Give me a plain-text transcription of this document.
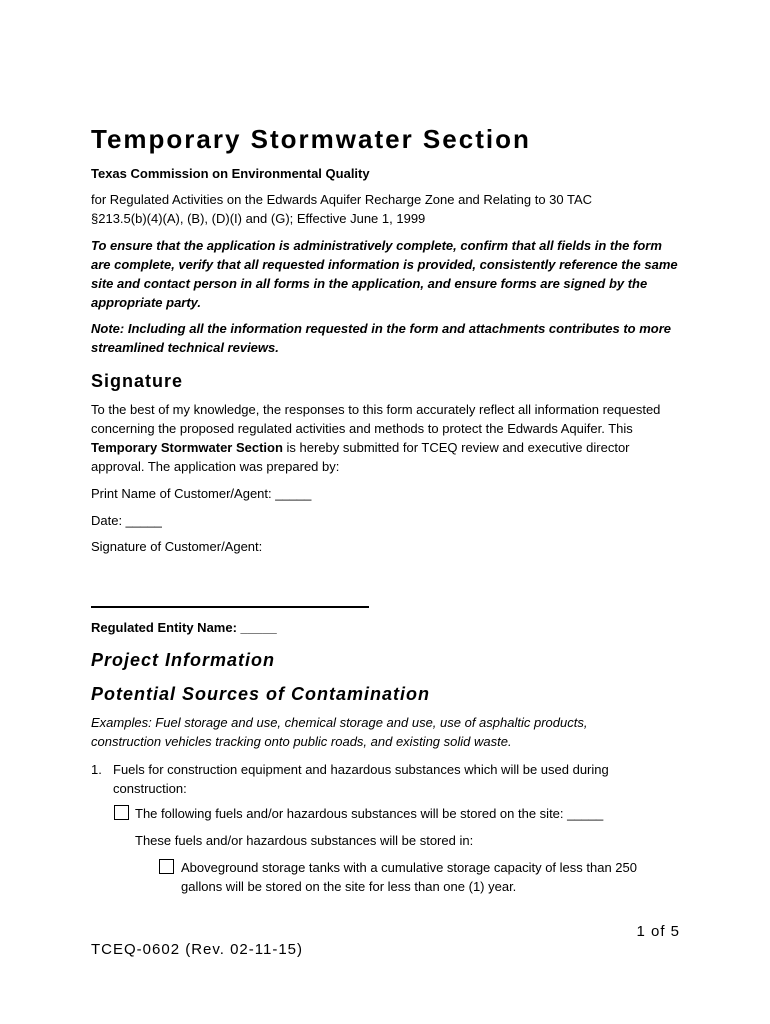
Temporary Stormwater Section
Texas Commission on Environmental Quality
for Regulated Activities on the Edwards Aquifer Recharge Zone and Relating to 30 TAC §213.5(b)(4)(A), (B), (D)(I) and (G); Effective June 1, 1999
To ensure that the application is administratively complete, confirm that all fields in the form are complete, verify that all requested information is provided, consistently reference the same site and contact person in all forms in the application, and ensure forms are signed by the appropriate party.
Note: Including all the information requested in the form and attachments contributes to more streamlined technical reviews.
Signature
To the best of my knowledge, the responses to this form accurately reflect all information requested concerning the proposed regulated activities and methods to protect the Edwards Aquifer. This Temporary Stormwater Section is hereby submitted for TCEQ review and executive director approval. The application was prepared by:
Print Name of Customer/Agent: _____
Date: _____
Signature of Customer/Agent:
Regulated Entity Name: _____
Project Information
Potential Sources of Contamination
Examples: Fuel storage and use, chemical storage and use, use of asphaltic products, construction vehicles tracking onto public roads, and existing solid waste.
1. Fuels for construction equipment and hazardous substances which will be used during construction:
The following fuels and/or hazardous substances will be stored on the site: _____
These fuels and/or hazardous substances will be stored in:
Aboveground storage tanks with a cumulative storage capacity of less than 250 gallons will be stored on the site for less than one (1) year.
1 of 5
TCEQ-0602 (Rev. 02-11-15)
